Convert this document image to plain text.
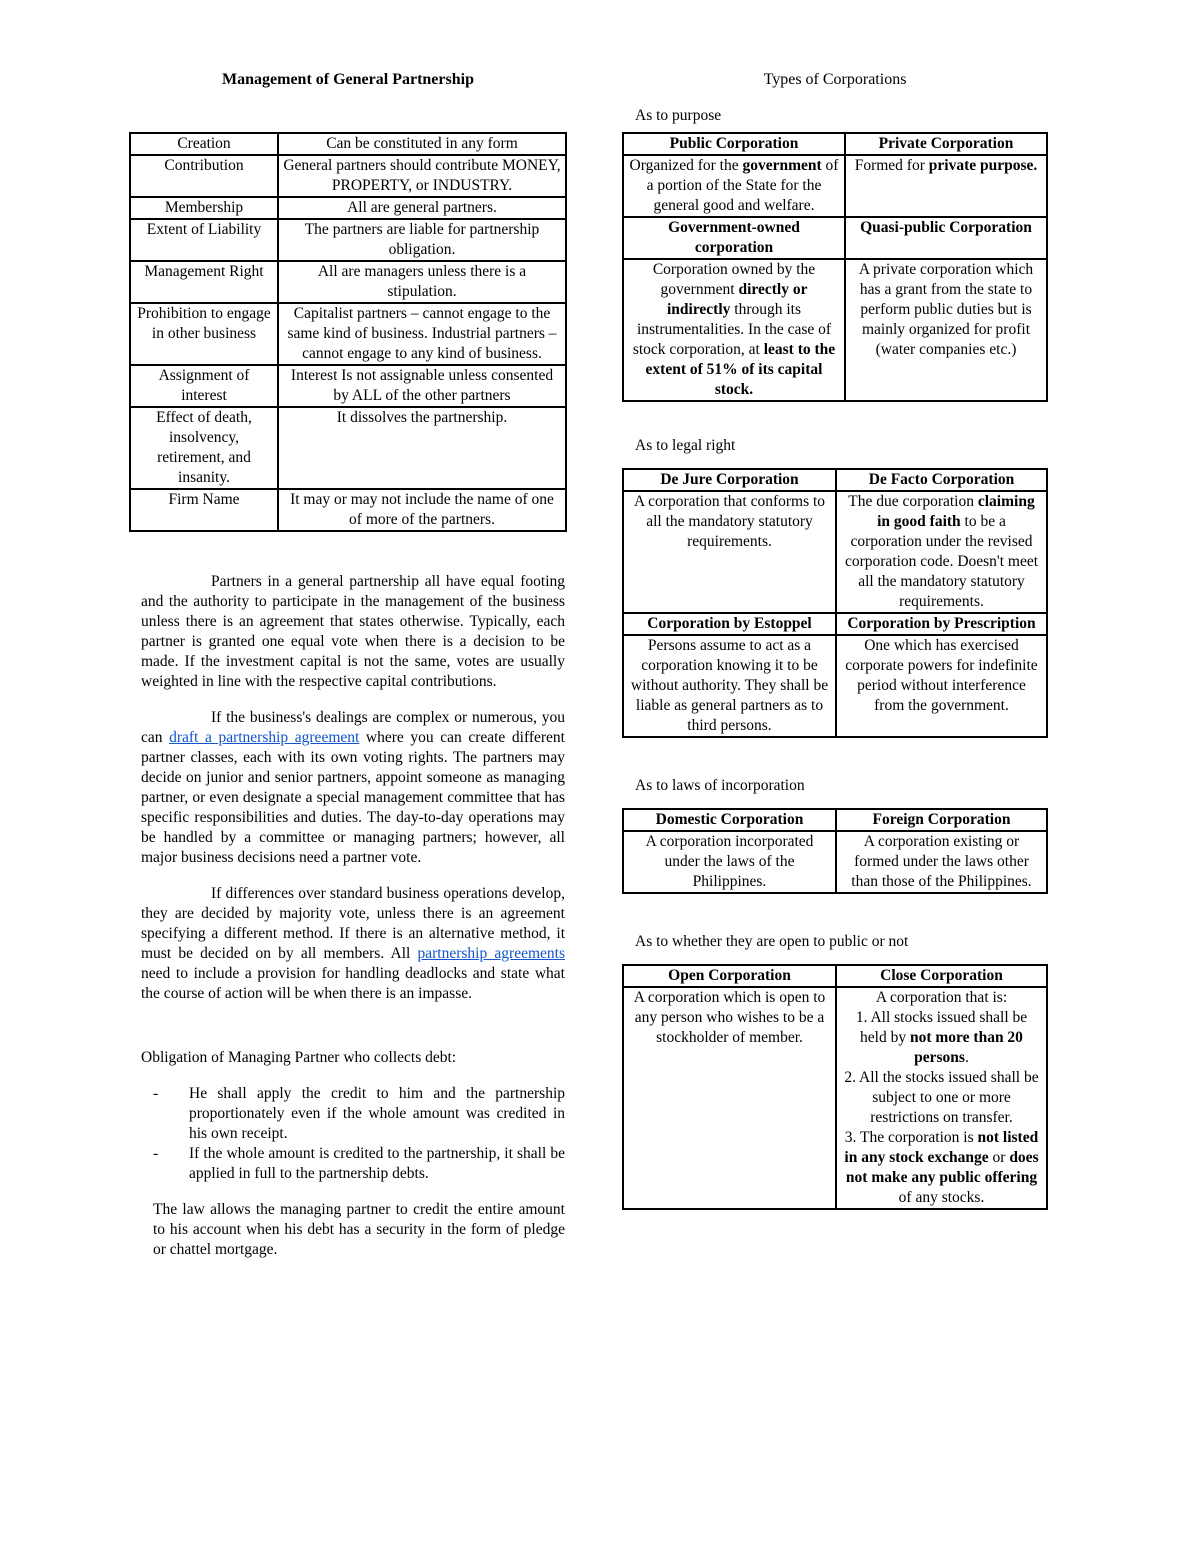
Management of General Partnership
Creation	Can be constituted in any form
Contribution	General partners should contribute MONEY, PROPERTY, or INDUSTRY.
Membership	All are general partners.
Extent of Liability	The partners are liable for partnership obligation.
Management Right	All are managers unless there is a stipulation.
Prohibition to engage in other business	Capitalist partners – cannot engage to the same kind of business. Industrial partners – cannot engage to any kind of business.
Assignment of interest	Interest Is not assignable unless consented by ALL of the other partners
Effect of death, insolvency, retirement, and insanity.	It dissolves the partnership.
Firm Name	It may or may not include the name of one of more of the partners.

Partners in a general partnership all have equal footing and the authority to participate in the management of the business unless there is an agreement that states otherwise. Typically, each partner is granted one equal vote when there is a decision to be made. If the investment capital is not the same, votes are usually weighted in line with the respective capital contributions.

If the business's dealings are complex or numerous, you can draft a partnership agreement where you can create different partner classes, each with its own voting rights. The partners may decide on junior and senior partners, appoint someone as managing partner, or even designate a special management committee that has specific responsibilities and duties. The day-to-day operations may be handled by a committee or managing partners; however, all major business decisions need a partner vote.

If differences over standard business operations develop, they are decided by majority vote, unless there is an agreement specifying a different method. If there is an alternative method, it must be decided on by all members. All partnership agreements need to include a provision for handling deadlocks and state what the course of action will be when there is an impasse.

Obligation of Managing Partner who collects debt:

- He shall apply the credit to him and the partnership proportionately even if the whole amount was credited in his own receipt.
- If the whole amount is credited to the partnership, it shall be applied in full to the partnership debts.

The law allows the managing partner to credit the entire amount to his account when his debt has a security in the form of pledge or chattel mortgage.

Types of Corporations

As to purpose

Public Corporation	Private Corporation
Organized for the government of a portion of the State for the general good and welfare.	Formed for private purpose.
Government-owned corporation	Quasi-public Corporation
Corporation owned by the government directly or indirectly through its instrumentalities. In the case of stock corporation, at least to the extent of 51% of its capital stock.	A private corporation which has a grant from the state to perform public duties but is mainly organized for profit (water companies etc.)

As to legal right

De Jure Corporation	De Facto Corporation
A corporation that conforms to all the mandatory statutory requirements.	The due corporation claiming in good faith to be a corporation under the revised corporation code. Doesn't meet all the mandatory statutory requirements.
Corporation by Estoppel	Corporation by Prescription
Persons assume to act as a corporation knowing it to be without authority. They shall be liable as general partners as to third persons.	One which has exercised corporate powers for indefinite period without interference from the government.

As to laws of incorporation

Domestic Corporation	Foreign Corporation
A corporation incorporated under the laws of the Philippines.	A corporation existing or formed under the laws other than those of the Philippines.

As to whether they are open to public or not

Open Corporation	Close Corporation
A corporation which is open to any person who wishes to be a stockholder of member.	A corporation that is:
1. All stocks issued shall be held by not more than 20 persons.
2. All the stocks issued shall be subject to one or more restrictions on transfer.
3. The corporation is not listed in any stock exchange or does not make any public offering of any stocks.
